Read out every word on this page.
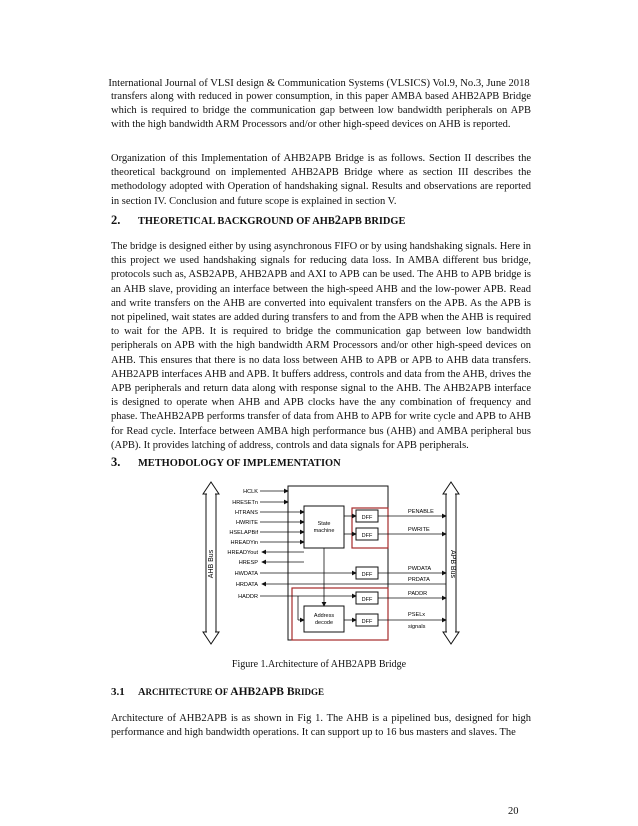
International Journal of VLSI design & Communication Systems (VLSICS) Vol.9, No.3, June 2018

transfers along with reduced in power consumption, in this paper AMBA based AHB2APB Bridge which is required to bridge the communication gap between low bandwidth peripherals on APB with the high bandwidth ARM Processors and/or other high-speed devices on AHB is reported.

Organization of this Implementation of AHB2APB Bridge is as follows. Section II describes the theoretical background on implemented AHB2APB Bridge where as section III describes the methodology adopted with Operation of handshaking signal. Results and observations are reported in section IV. Conclusion and future scope is explained in section V.

2. THEORETICAL BACKGROUND OF AHB2APB BRIDGE

The bridge is designed either by using asynchronous FIFO or by using handshaking signals. Here in this project we used handshaking signals for reducing data loss. In AMBA different bus bridge, protocols such as, ASB2APB, AHB2APB and AXI to APB can be used. The AHB to APB bridge is an AHB slave, providing an interface between the high-speed AHB and the low-power APB. Read and write transfers on the AHB are converted into equivalent transfers on the APB. As the APB is not pipelined, wait states are added during transfers to and from the APB when the AHB is required to wait for the APB. It is required to bridge the communication gap between low bandwidth peripherals on APB with the high bandwidth ARM Processors and/or other high-speed devices on AHB. This ensures that there is no data loss between AHB to APB or APB to AHB data transfers. AHB2APB interfaces AHB and APB. It buffers address, controls and data from the AHB, drives the APB peripherals and return data along with response signal to the AHB. The AHB2APB interface is designed to operate when AHB and APB clocks have the any combination of frequency and phase. TheAHB2APB performs transfer of data from AHB to APB for write cycle and APB to AHB for Read cycle. Interface between AMBA high performance bus (AHB) and AMBA peripheral bus (APB). It provides latching of address, controls and data signals for APB peripherals.

3. METHODOLOGY OF IMPLEMENTATION
AHB Bus	APB Bus
State
machine
Address
decode
DFF
DFF
DFF
DFF
DFF
HCLK
HRESETn
HTRANS
HWRITE
HSELAPBif
HREADYin
HREADYout
HRESP
HWDATA
HRDATA
HADDR
PENABLE
PWRITE
PWDATA
PRDATA
PADDR
PSELx
signals
Figure 1.Architecture of AHB2APB Bridge
3.1 ARCHITECTURE OF AHB2APB BRIDGE

Architecture of AHB2APB is as shown in Fig 1. The AHB is a pipelined bus, designed for high performance and high bandwidth operations. It can support up to 16 bus masters and slaves. The

20
